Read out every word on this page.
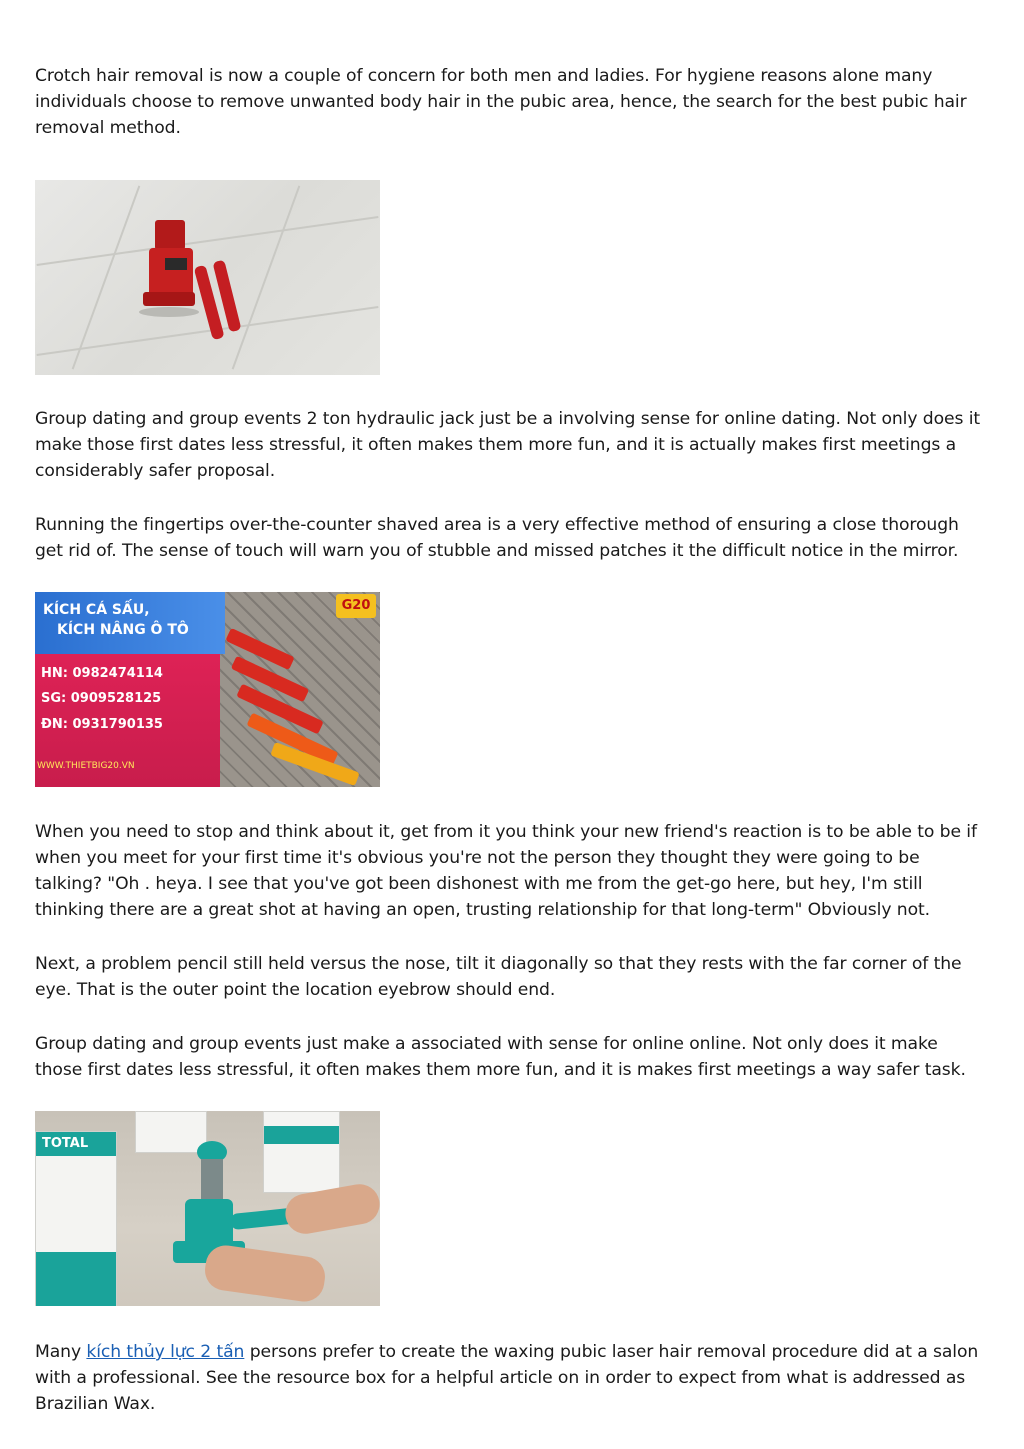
Crotch hair removal is now a couple of concern for both men and ladies. For hygiene reasons alone many individuals choose to remove unwanted body hair in the pubic area, hence, the search for the best pubic hair removal method.

Group dating and group events 2 ton hydraulic jack just be a involving sense for online dating. Not only does it make those first dates less stressful, it often makes them more fun, and it is actually makes first meetings a considerably safer proposal.

Running the fingertips over-the-counter shaved area is a very effective method of ensuring a close thorough get rid of. The sense of touch will warn you of stubble and missed patches it the difficult notice in the mirror.

KÍCH CÁ SẤU,
KÍCH NÂNG Ô TÔ
HN: 0982474114
SG: 0909528125
ĐN: 0931790135
WWW.THIETBIG20.VN
G20

When you need to stop and think about it, get from it you think your new friend's reaction is to be able to be if when you meet for your first time it's obvious you're not the person they thought they were going to be talking? "Oh . heya. I see that you've got been dishonest with me from the get-go here, but hey, I'm still thinking there are a great shot at having an open, trusting relationship for that long-term" Obviously not.

Next, a problem pencil still held versus the nose, tilt it diagonally so that they rests with the far corner of the eye. That is the outer point the location eyebrow should end.

Group dating and group events just make a associated with sense for online online. Not only does it make those first dates less stressful, it often makes them more fun, and it is makes first meetings a way safer task.

TOTAL

Many kích thủy lực 2 tấn persons prefer to create the waxing pubic laser hair removal procedure did at a salon with a professional. See the resource box for a helpful article on in order to expect from what is addressed as Brazilian Wax.
